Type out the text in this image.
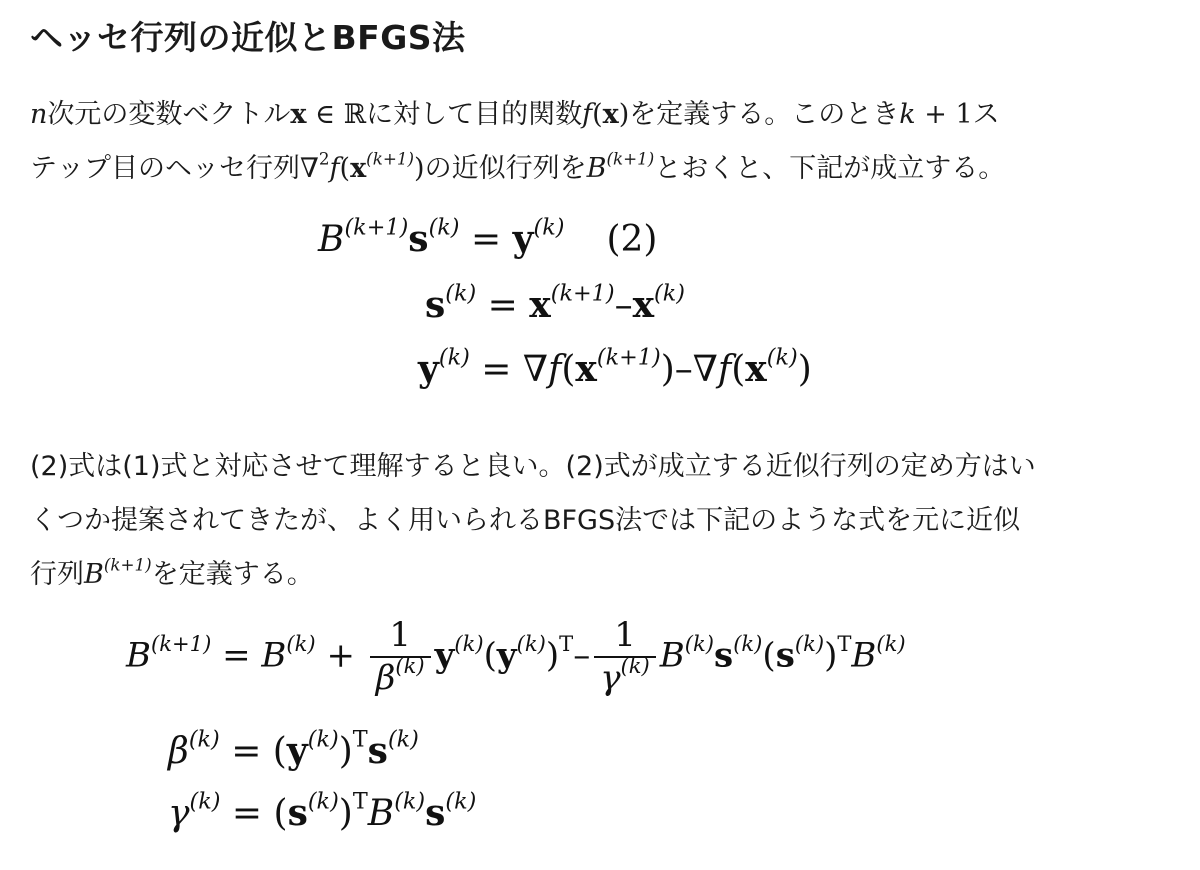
ヘッセ行列の近似とBFGS法
n次元の変数ベクトルx ∈ ℝに対して目的関数f(x)を定義する。このときk + 1ス
テップ目のヘッセ行列$\nabla^2f(x^{(k+1)})$の近似行列を$B^{(k+1)}$とおくと、下記が成立する。
$B^{(k+1)}s^{(k)} = y^{(k)}$ (2)
$s^{(k)} = x^{(k+1)}-x^{(k)}$
$y^{(k)} = \nabla f(x^{(k+1)})-\nabla f(x^{(k)})$
(2)式は(1)式と対応させて理解すると良い。(2)式が成立する近似行列の定め方はい
くつか提案されてきたが、よく用いられるBFGS法では下記のような式を元に近似
行列$B^{(k+1)}$を定義する。
$B^{(k+1)} = B^{(k)} + \frac{1}{\beta^{(k)}} y^{(k)}(y^{(k)})^T- \frac{1}{\gamma^{(k)}} B^{(k)}s^{(k)}(s^{(k)})^TB^{(k)}$
$\beta^{(k)} = (y^{(k)})^Ts^{(k)}$
$\gamma^{(k)} = (s^{(k)})^TB^{(k)}s^{(k)}$
